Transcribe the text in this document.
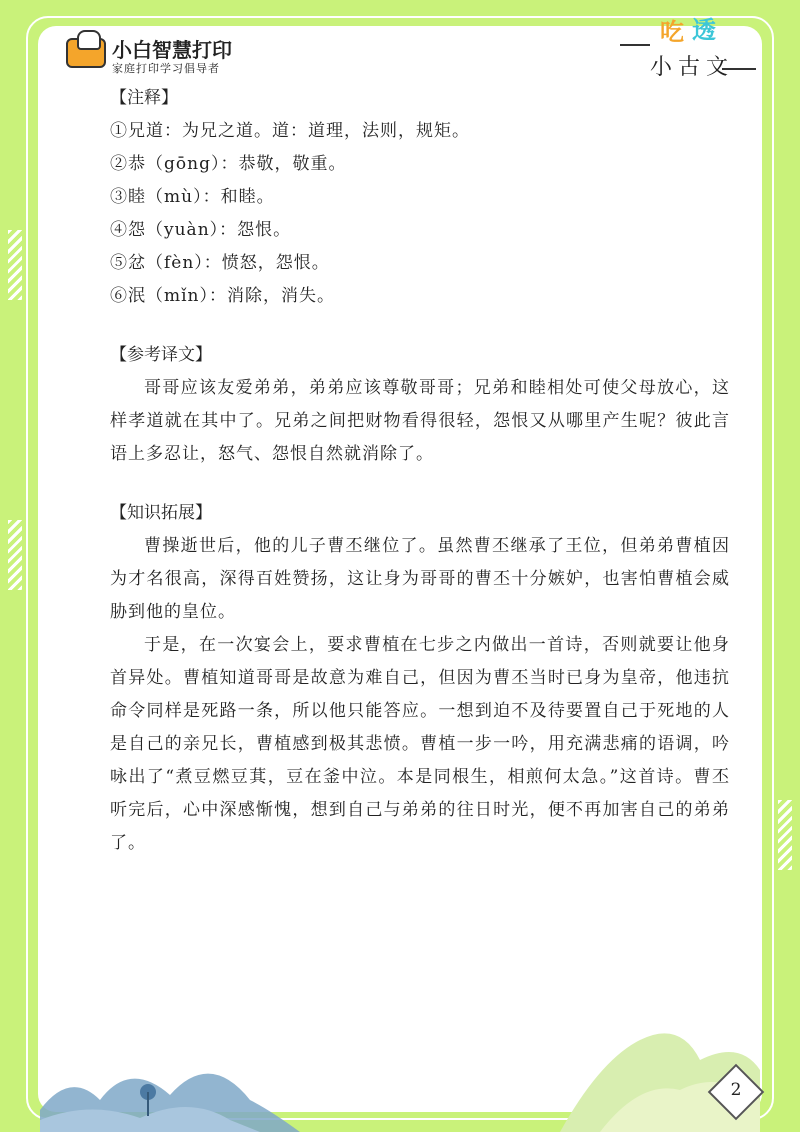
小白智慧打印
家庭打印学习倡导者
吃 透
小古文

【注释】

①兄道：为兄之道。道：道理，法则，规矩。

②恭（gōng）：恭敬，敬重。

③睦（mù）：和睦。

④怨（yuàn）：怨恨。

⑤忿（fèn）：愤怒，怨恨。

⑥泯（mǐn）：消除，消失。

【参考译文】

哥哥应该友爱弟弟，弟弟应该尊敬哥哥；兄弟和睦相处可使父母放心，这样孝道就在其中了。兄弟之间把财物看得很轻，怨恨又从哪里产生呢？彼此言语上多忍让，怒气、怨恨自然就消除了。

【知识拓展】

曹操逝世后，他的儿子曹丕继位了。虽然曹丕继承了王位，但弟弟曹植因为才名很高，深得百姓赞扬，这让身为哥哥的曹丕十分嫉妒，也害怕曹植会威胁到他的皇位。

于是，在一次宴会上，要求曹植在七步之内做出一首诗，否则就要让他身首异处。曹植知道哥哥是故意为难自己，但因为曹丕当时已身为皇帝，他违抗命令同样是死路一条，所以他只能答应。一想到迫不及待要置自己于死地的人是自己的亲兄长，曹植感到极其悲愤。曹植一步一吟，用充满悲痛的语调，吟咏出了“煮豆燃豆萁，豆在釜中泣。本是同根生，相煎何太急。”这首诗。曹丕听完后，心中深感惭愧，想到自己与弟弟的往日时光，便不再加害自己的弟弟了。

2
